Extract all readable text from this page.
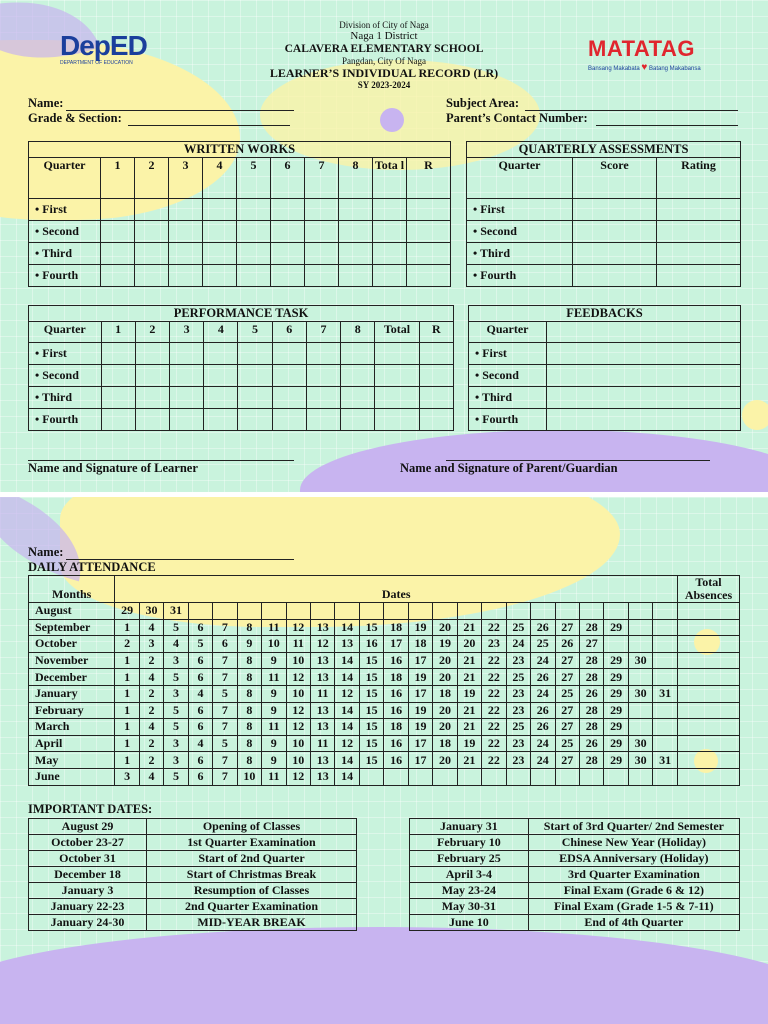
DepED
DEPARTMENT OF EDUCATION
MATATAG
Bansang Makabata ♥ Batang Makabansa
Division of City of Naga
Naga 1 District
CALAVERA ELEMENTARY SCHOOL
Pangdan, City Of Naga
LEARNER’S INDIVIDUAL RECORD (LR)
SY 2023-2024
Name:
Grade & Section:
Subject Area:
Parent’s Contact Number:
WRITTEN WORKS										
Quarter	1	2	3	4	5	6	7	8	Tota l	R
• First										
• Second										
• Third										
• Fourth										
QUARTERLY ASSESSMENTS		
Quarter	Score	Rating
• First		
• Second		
• Third		
• Fourth		
PERFORMANCE TASK										
Quarter	1	2	3	4	5	6	7	8	Total	R
• First										
• Second										
• Third										
• Fourth										
FEEDBACKS	
Quarter	
• First	
• Second	
• Third	
• Fourth	
Name and Signature of Learner	Name and Signature of Parent/Guardian
Name:
DAILY ATTENDANCE
Months	Dates																							Total Absences
August	29	30	31																					
September	1	4	5	6	7	8	11	12	13	14	15	18	19	20	21	22	25	26	27	28	29			
October	2	3	4	5	6	9	10	11	12	13	16	17	18	19	20	23	24	25	26	27				
November	1	2	3	6	7	8	9	10	13	14	15	16	17	20	21	22	23	24	27	28	29	30		
December	1	4	5	6	7	8	11	12	13	14	15	18	19	20	21	22	25	26	27	28	29			
January	1	2	3	4	5	8	9	10	11	12	15	16	17	18	19	22	23	24	25	26	29	30	31	
February	1	2	5	6	7	8	9	12	13	14	15	16	19	20	21	22	23	26	27	28	29			
March	1	4	5	6	7	8	11	12	13	14	15	18	19	20	21	22	25	26	27	28	29			
April	1	2	3	4	5	8	9	10	11	12	15	16	17	18	19	22	23	24	25	26	29	30		
May	1	2	3	6	7	8	9	10	13	14	15	16	17	20	21	22	23	24	27	28	29	30	31	
June	3	4	5	6	7	10	11	12	13	14														
IMPORTANT DATES:
August 29	Opening of Classes
October 23-27	1st Quarter Examination
October 31	Start of 2nd Quarter
December 18	Start of Christmas Break
January 3	Resumption of Classes
January 22-23	2nd Quarter Examination
January 24-30	MID-YEAR BREAK
January 31	Start of 3rd Quarter/ 2nd Semester
February 10	Chinese New Year (Holiday)
February 25	EDSA Anniversary (Holiday)
April 3-4	3rd Quarter Examination
May 23-24	Final Exam (Grade 6 & 12)
May 30-31	Final Exam (Grade 1-5 & 7-11)
June 10	End of 4th Quarter
